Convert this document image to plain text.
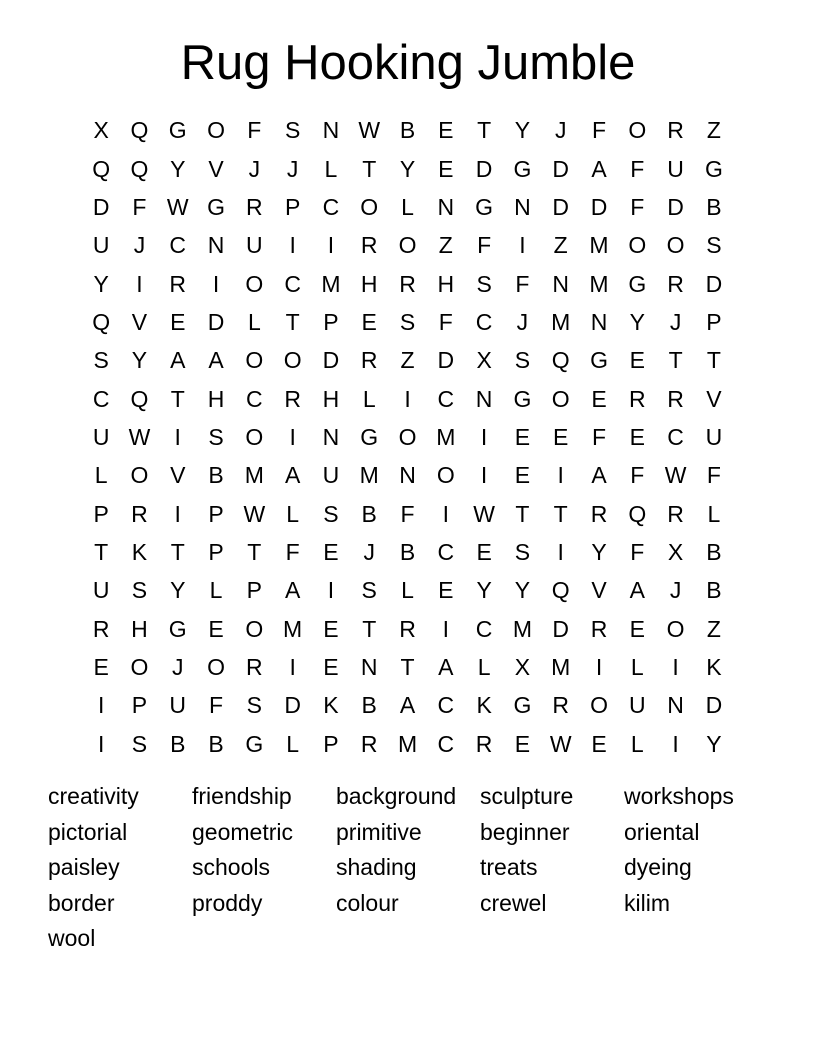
Rug Hooking Jumble
X Q G O F	S N W B E	T	Y	J	F O R Z
Q Q Y V	J	J	L	T	Y E D G D A	F U G
D F W G R P C O L	N G N D D F D B
U	J	C N U	I	I	R O Z	F	I	Z M O O S
Y	I	R	I	O C M H R H S	F N M G R D
Q V E D	L	T	P E S	F C	J M N Y	J	P
S Y A A O O D R Z D X S Q G E	T	T
C Q T H C R H	L	I	C N G O E R R V
U W	I	S O	I	N G O M	I	E E	F	E C U
L O V B M A U M N O	I	E	I	A	F W F
P R	I	P W L	S B	F	I	W T	T R Q R	L
T	K	T	P	T	F	E	J	B C E S	I	Y	F	X B
U S Y	L	P A	I	S	L	E Y Y Q V A	J	B
R H G E O M E	T R	I	C M D R E O Z
E O	J	O R	I	E N T	A	L	X M	I	L	I	K
I	P U F	S D K B A C K G R O U N D
I	S B B G L	P R M C R E W E	L	I	Y
creativity	friendship	background	sculpture	workshops
pictorial	geometric	primitive	beginner	oriental
paisley	schools	shading	treats	dyeing
border	proddy	colour	crewel	kilim
wool
